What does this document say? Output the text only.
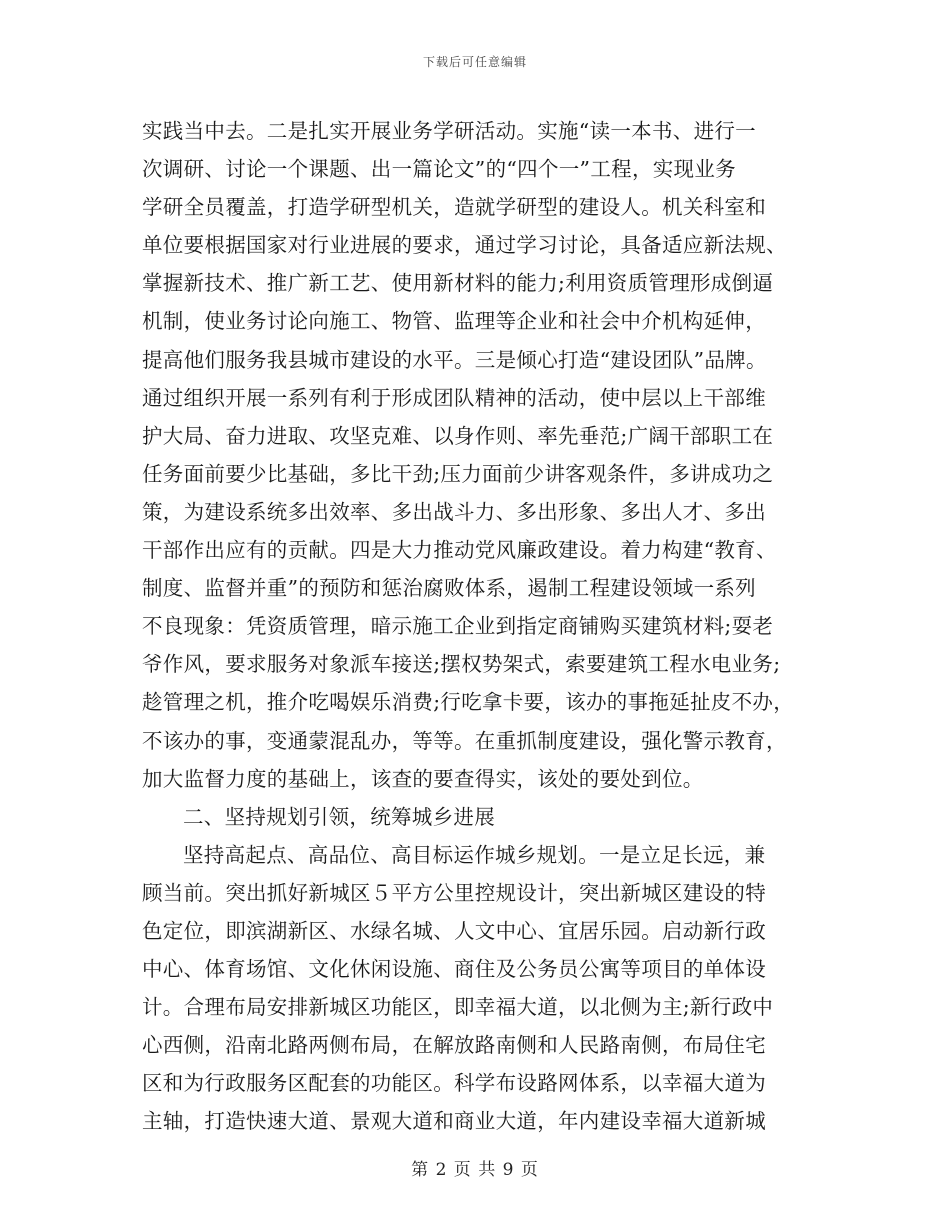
下载后可任意编辑
实践当中去。二是扎实开展业务学研活动。实施“读一本书、进行一
次调研、讨论一个课题、出一篇论文”的“四个一”工程，实现业务
学研全员覆盖，打造学研型机关，造就学研型的建设人。机关科室和
单位要根据国家对行业进展的要求，通过学习讨论，具备适应新法规、
掌握新技术、推广新工艺、使用新材料的能力;利用资质管理形成倒逼
机制，使业务讨论向施工、物管、监理等企业和社会中介机构延伸，
提高他们服务我县城市建设的水平。三是倾心打造“建设团队”品牌。
通过组织开展一系列有利于形成团队精神的活动，使中层以上干部维
护大局、奋力进取、攻坚克难、以身作则、率先垂范;广阔干部职工在
任务面前要少比基础，多比干劲;压力面前少讲客观条件，多讲成功之
策，为建设系统多出效率、多出战斗力、多出形象、多出人才、多出
干部作出应有的贡献。四是大力推动党风廉政建设。着力构建“教育、
制度、监督并重”的预防和惩治腐败体系，遏制工程建设领域一系列
不良现象：凭资质管理，暗示施工企业到指定商铺购买建筑材料;耍老
爷作风，要求服务对象派车接送;摆权势架式，索要建筑工程水电业务;
趁管理之机，推介吃喝娱乐消费;行吃拿卡要，该办的事拖延扯皮不办，
不该办的事，变通蒙混乱办，等等。在重抓制度建设，强化警示教育，
加大监督力度的基础上，该查的要查得实，该处的要处到位。
二、坚持规划引领，统筹城乡进展
坚持高起点、高品位、高目标运作城乡规划。一是立足长远，兼
顾当前。突出抓好新城区５平方公里控规设计，突出新城区建设的特
色定位，即滨湖新区、水绿名城、人文中心、宜居乐园。启动新行政
中心、体育场馆、文化休闲设施、商住及公务员公寓等项目的单体设
计。合理布局安排新城区功能区，即幸福大道，以北侧为主;新行政中
心西侧，沿南北路两侧布局，在解放路南侧和人民路南侧，布局住宅
区和为行政服务区配套的功能区。科学布设路网体系，以幸福大道为
主轴，打造快速大道、景观大道和商业大道，年内建设幸福大道新城
第 2 页 共 9 页
